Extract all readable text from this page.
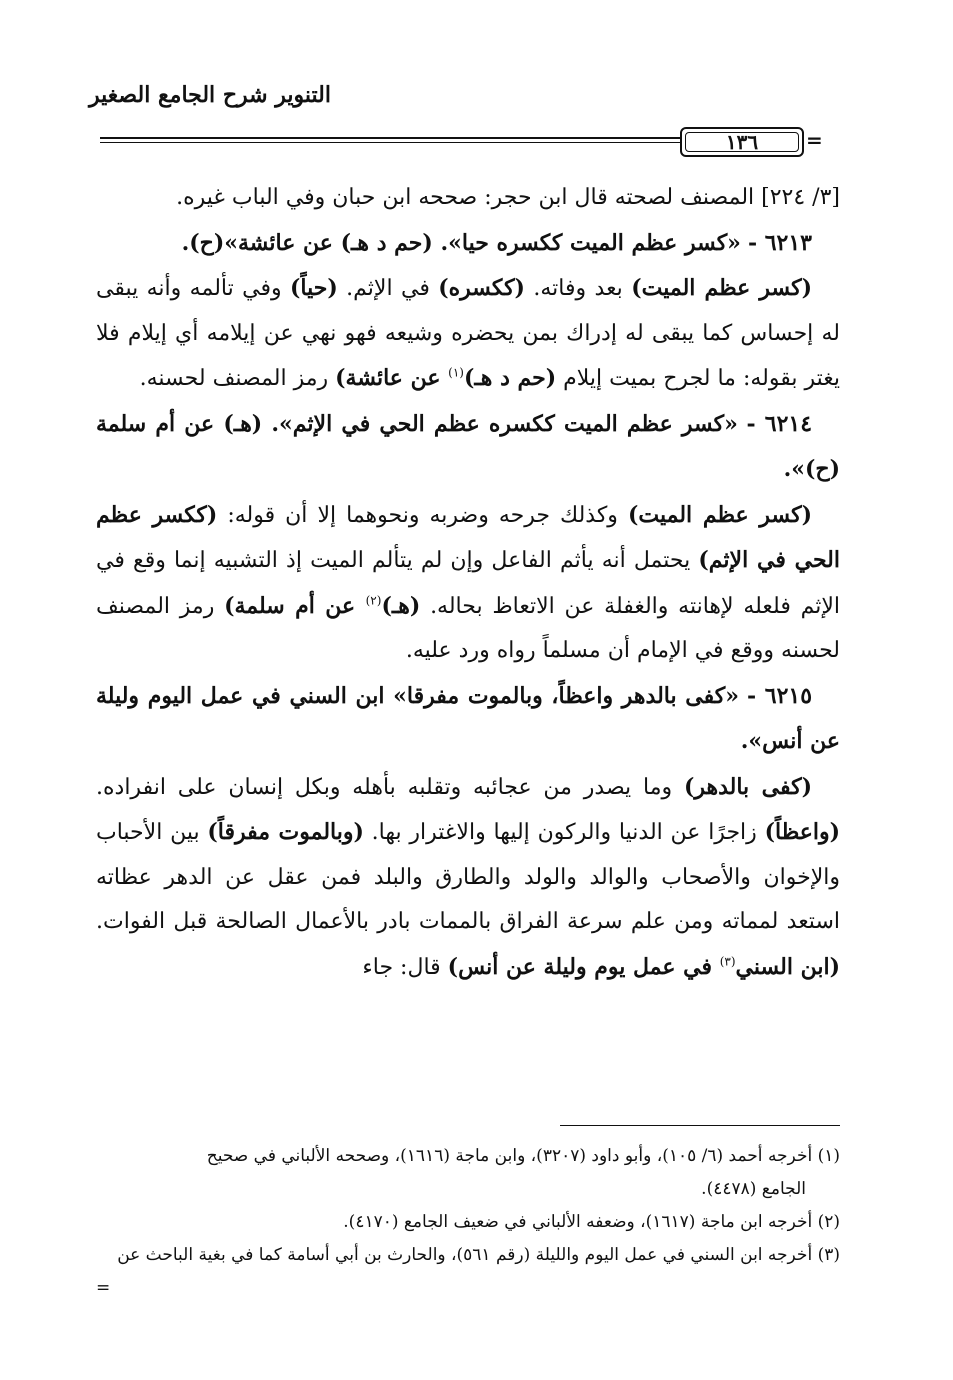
التنوير شرح الجامع الصغير
١٣٦	=

[٣/ ٢٢٤] المصنف لصحته قال ابن حجر: صححه ابن حبان وفي الباب غيره.

٦٢١٣ - «كسر عظم الميت ككسره حيا». (حم د هـ) عن عائشة»(ح).

(كسر عظم الميت) بعد وفاته. (ككسره) في الإثم. (حياً) وفي تألمه وأنه يبقى له إحساس كما يبقى له إدراك بمن يحضره وشيعه فهو نهي عن إيلامه أي إيلام فلا يغتر بقوله: ما لجرح بميت إيلام (حم د هـ)$^{(١)}$ عن عائشة) رمز المصنف لحسنه.

٦٢١٤ - «كسر عظم الميت ككسره عظم الحي في الإثم». (هـ) عن أم سلمة (ح)».

(كسر عظم الميت) وكذلك جرحه وضربه ونحوهما إلا أن قوله: (ككسر عظم الحي في الإثم) يحتمل أنه يأثم الفاعل وإن لم يتألم الميت إذ التشبيه إنما وقع في الإثم فلعله لإهانته والغفلة عن الاتعاظ بحاله. (هـ)$^{(٢)}$ عن أم سلمة) رمز المصنف لحسنه ووقع في الإمام أن مسلماً رواه ورد عليه.

٦٢١٥ - «كفى بالدهر واعظاً، وبالموت مفرقا» ابن السني في عمل اليوم وليلة عن أنس».

(كفى بالدهر) وما يصدر من عجائبه وتقلبه بأهله وبكل إنسان على انفراده. (واعظاً) زاجرًا عن الدنيا والركون إليها والاغترار بها. (وبالموت مفرقاً) بين الأحباب والإخوان والأصحاب والوالد والولد والطارق والبلد فمن عقل عن الدهر عظاته استعد لمماته ومن علم سرعة الفراق بالممات بادر بالأعمال الصالحة قبل الفوات. (ابن السني$^{(٣)}$ في عمل يوم وليلة عن أنس) قال: جاء

(١) أخرجه أحمد (٦/ ١٠٥)، وأبو داود (٣٢٠٧)، وابن ماجة (١٦١٦)، وصححه الألباني في صحيح

الجامع (٤٤٧٨).

(٢) أخرجه ابن ماجة (١٦١٧)، وضعفه الألباني في ضعيف الجامع (٤١٧٠).

(٣) أخرجه ابن السني في عمل اليوم والليلة (رقم ٥٦١)، والحارث بن أبي أسامة كما في بغية الباحث عن

=
